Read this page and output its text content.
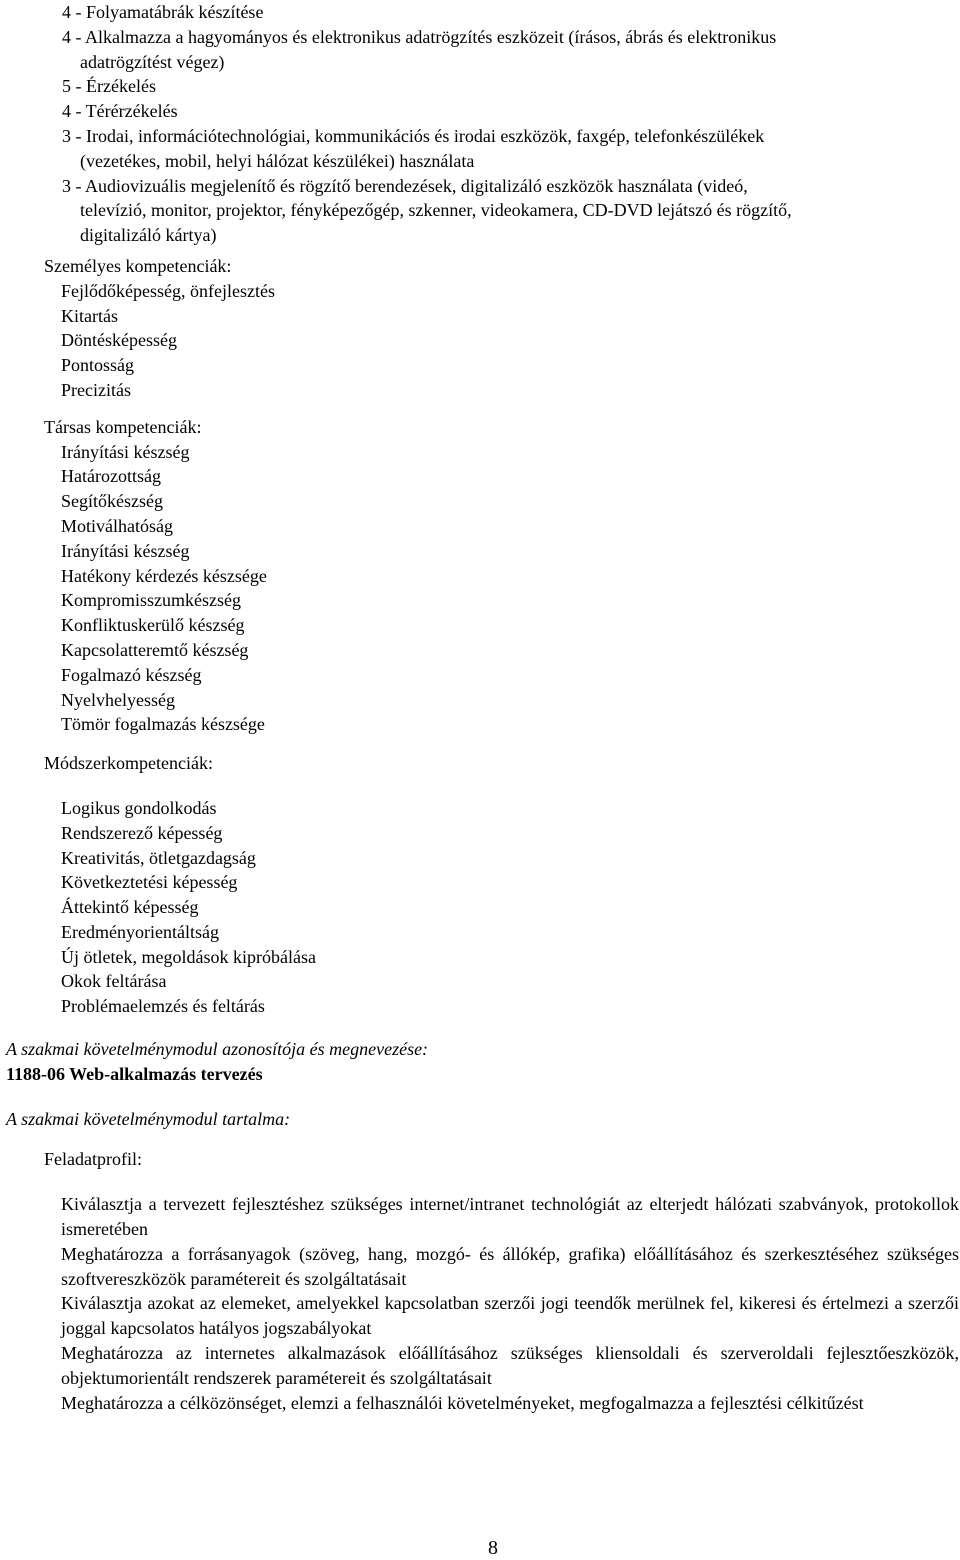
4 - Folyamatábrák készítése
4 - Alkalmazza a hagyományos és elektronikus adatrögzítés eszközeit (írásos, ábrás és elektronikus
adatrögzítést végez)
5 - Érzékelés
4 - Térérzékelés
3 - Irodai, információtechnológiai, kommunikációs és irodai eszközök, faxgép, telefonkészülékek
(vezetékes, mobil, helyi hálózat készülékei) használata
3 - Audiovizuális megjelenítő és rögzítő berendezések, digitalizáló eszközök használata (videó,
televízió, monitor, projektor, fényképezőgép, szkenner, videokamera, CD-DVD lejátszó és rögzítő,
digitalizáló kártya)
Személyes kompetenciák:
Fejlődőképesség, önfejlesztés
Kitartás
Döntésképesség
Pontosság
Precizitás
Társas kompetenciák:
Irányítási készség
Határozottság
Segítőkészség
Motiválhatóság
Irányítási készség
Hatékony kérdezés készsége
Kompromisszumkészség
Konfliktuskerülő készség
Kapcsolatteremtő készség
Fogalmazó készség
Nyelvhelyesség
Tömör fogalmazás készsége
Módszerkompetenciák:
Logikus gondolkodás
Rendszerező képesség
Kreativitás, ötletgazdagság
Következtetési képesség
Áttekintő képesség
Eredményorientáltság
Új ötletek, megoldások kipróbálása
Okok feltárása
Problémaelemzés és feltárás
A szakmai követelménymodul azonosítója és megnevezése:
1188-06 Web-alkalmazás tervezés
A szakmai követelménymodul tartalma:
Feladatprofil:
Kiválasztja a tervezett fejlesztéshez szükséges internet/intranet technológiát az elterjedt hálózati szabványok, protokollok ismeretében
Meghatározza a forrásanyagok (szöveg, hang, mozgó- és állókép, grafika) előállításához és szerkesztéséhez szükséges szoftvereszközök paramétereit és szolgáltatásait
Kiválasztja azokat az elemeket, amelyekkel kapcsolatban szerzői jogi teendők merülnek fel, kikeresi és értelmezi a szerzői joggal kapcsolatos hatályos jogszabályokat
Meghatározza az internetes alkalmazások előállításához szükséges kliensoldali és szerveroldali fejlesztőeszközök, objektumorientált rendszerek paramétereit és szolgáltatásait
Meghatározza a célközönséget, elemzi a felhasználói követelményeket, megfogalmazza a fejlesztési célkitűzést
8
